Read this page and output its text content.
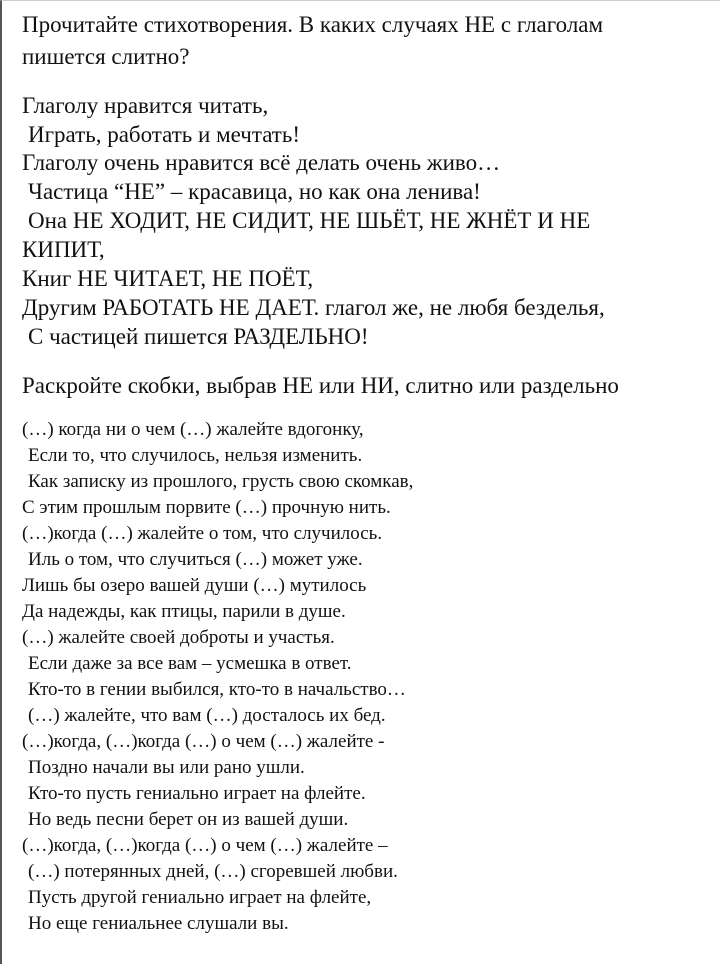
Прочитайте стихотворения. В каких случаях НЕ с глаголам
пишется слитно?
Глаголу нравится читать,
Играть, работать и мечтать!
Глаголу очень нравится всё делать очень живо…
Частица “НЕ” – красавица, но как она ленива!
Она НЕ ХОДИТ, НЕ СИДИТ, НЕ ШЬЁТ, НЕ ЖНЁТ И НЕ
КИПИТ,
Книг НЕ ЧИТАЕТ, НЕ ПОЁТ,
Другим РАБОТАТЬ НЕ ДАЕТ. глагол же, не любя безделья,
С частицей пишется РАЗДЕЛЬНО!
Раскройте скобки, выбрав НЕ или НИ, слитно или раздельно
(…) когда ни о чем (…) жалейте вдогонку,
Если то, что случилось, нельзя изменить.
Как записку из прошлого, грусть свою скомкав,
С этим прошлым порвите (…) прочную нить.
(…)когда (…) жалейте о том, что случилось.
Иль о том, что случиться (…) может уже.
Лишь бы озеро вашей души (…) мутилось
Да надежды, как птицы, парили в душе.
(…) жалейте своей доброты и участья.
Если даже за все вам – усмешка в ответ.
Кто-то в гении выбился, кто-то в начальство…
(…) жалейте, что вам (…) досталось их бед.
(…)когда, (…)когда (…) о чем (…) жалейте -
Поздно начали вы или рано ушли.
Кто-то пусть гениально играет на флейте.
Но ведь песни берет он из вашей души.
(…)когда, (…)когда (…) о чем (…) жалейте –
(…) потерянных дней, (…) сгоревшей любви.
Пусть другой гениально играет на флейте,
Но еще гениальнее слушали вы.
